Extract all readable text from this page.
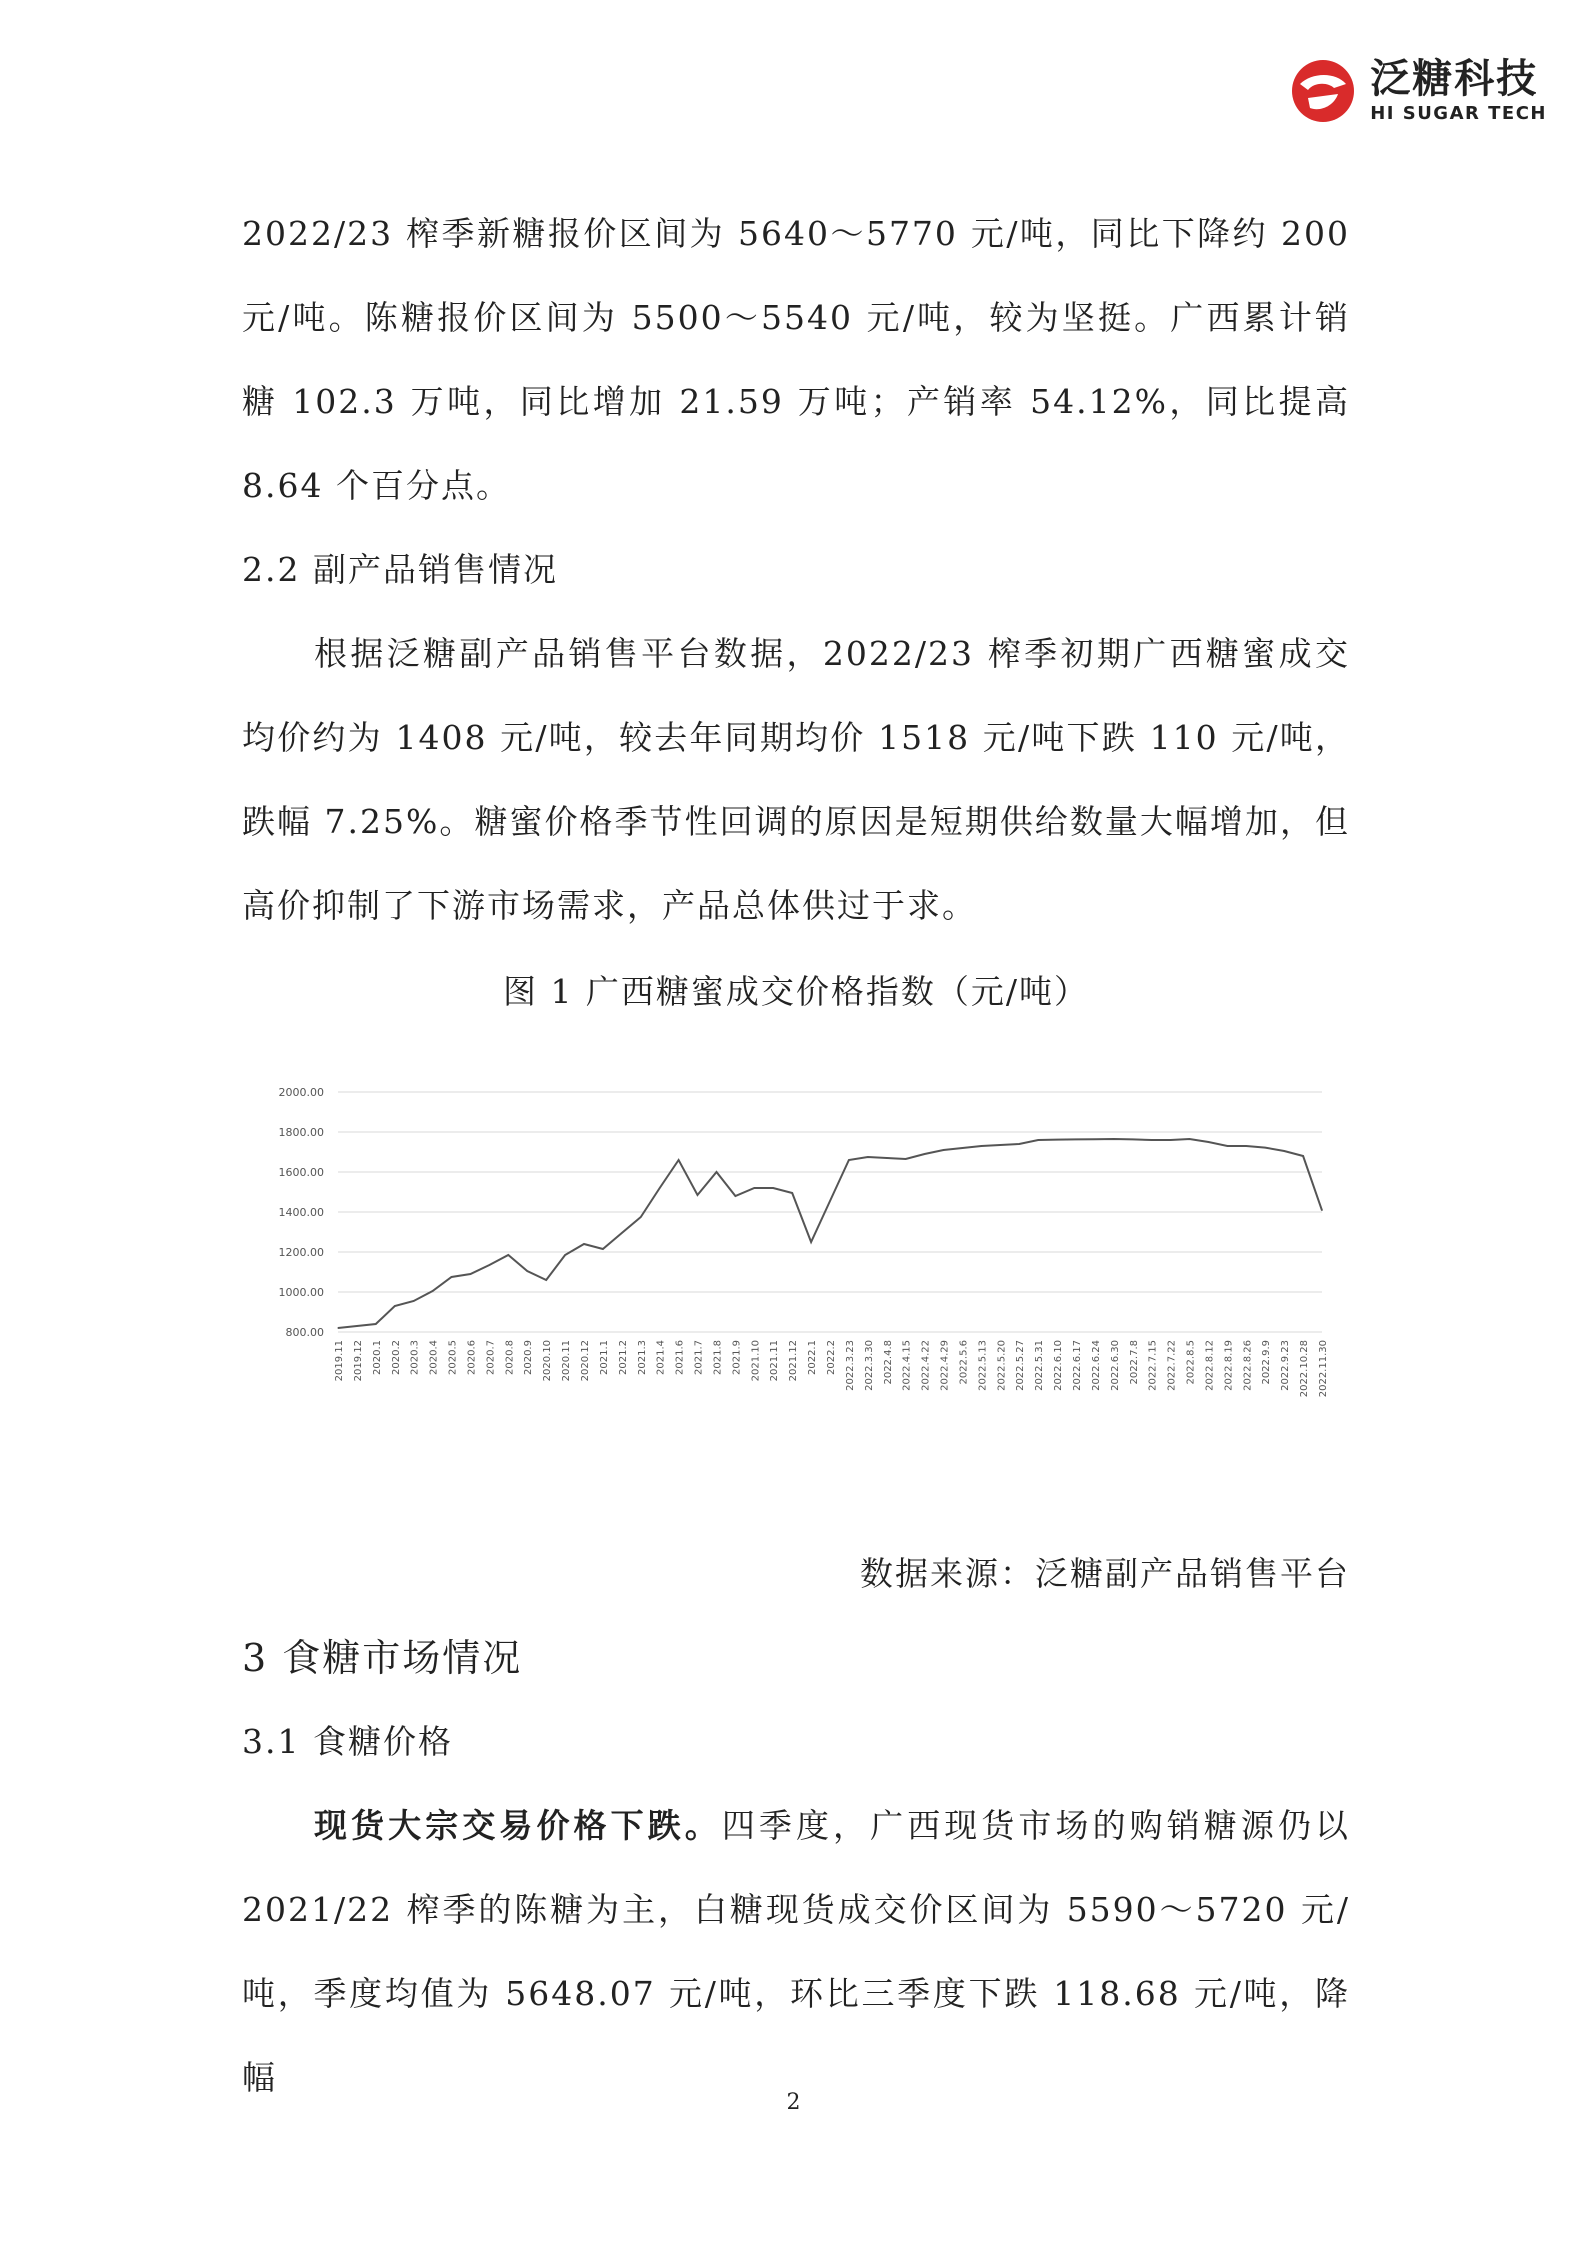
泛糖科技
HI SUGAR TECH

2022/23 榨季新糖报价区间为 5640～5770 元/吨，同比下降约 200 元/吨。陈糖报价区间为 5500～5540 元/吨，较为坚挺。广西累计销糖 102.3 万吨，同比增加 21.59 万吨；产销率 54.12%，同比提高 8.64 个百分点。

2.2 副产品销售情况

根据泛糖副产品销售平台数据，2022/23 榨季初期广西糖蜜成交均价约为 1408 元/吨，较去年同期均价 1518 元/吨下跌 110 元/吨，跌幅 7.25%。糖蜜价格季节性回调的原因是短期供给数量大幅增加，但高价抑制了下游市场需求，产品总体供过于求。

图 1 广西糖蜜成交价格指数（元/吨）
2000.00
1800.00
1600.00
1400.00
1200.00
1000.00
800.00
2019.11 2019.12 2020.1 2020.2 2020.3 2020.4 2020.5 2020.6 2020.7 2020.8 2020.9 2020.10 2020.11 2020.12 2021.1 2021.2 2021.3 2021.4 2021.6 2021.7 2021.8 2021.9 2021.10 2021.11 2021.12 2022.1 2022.2 2022.3.23 2022.3.30 2022.4.8 2022.4.15 2022.4.22 2022.4.29 2022.5.6 2022.5.13 2022.5.20 2022.5.27 2022.5.31 2022.6.10 2022.6.17 2022.6.24 2022.6.30 2022.7.8 2022.7.15 2022.7.22 2022.8.5 2022.8.12 2022.8.19 2022.8.26 2022.9.9 2022.9.23 2022.10.28 2022.11.30
数据来源：泛糖副产品销售平台

3 食糖市场情况

3.1 食糖价格

现货大宗交易价格下跌。四季度，广西现货市场的购销糖源仍以 2021/22 榨季的陈糖为主，白糖现货成交价区间为 5590～5720 元/吨，季度均值为 5648.07 元/吨，环比三季度下跌 118.68 元/吨，降幅

2
